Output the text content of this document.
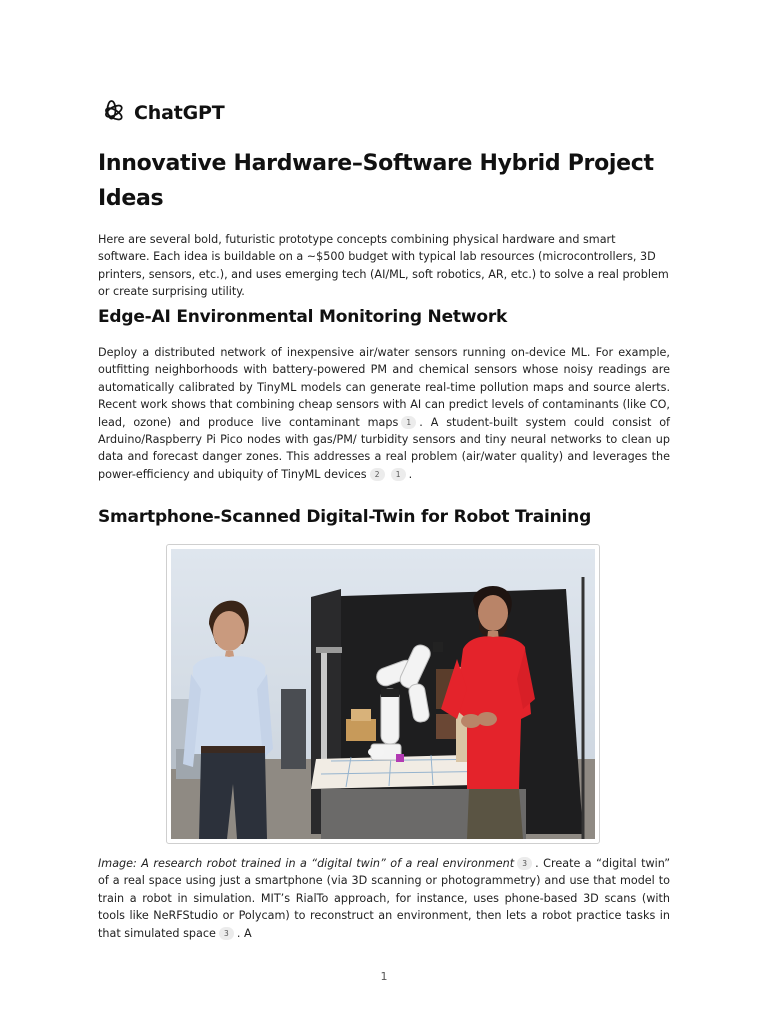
ChatGPT
Innovative Hardware–Software Hybrid Project Ideas

Here are several bold, futuristic prototype concepts combining physical hardware and smart software. Each idea is buildable on a ~$500 budget with typical lab resources (microcontrollers, 3D printers, sensors, etc.), and uses emerging tech (AI/ML, soft robotics, AR, etc.) to solve a real problem or create surprising utility.

Edge-AI Environmental Monitoring Network

Deploy a distributed network of inexpensive air/water sensors running on-device ML. For example, outfitting neighborhoods with battery-powered PM and chemical sensors whose noisy readings are automatically calibrated by TinyML models can generate real-time pollution maps and source alerts. Recent work shows that combining cheap sensors with AI can predict levels of contaminants (like CO, lead, ozone) and produce live contaminant maps 1 . A student-built system could consist of Arduino/Raspberry Pi Pico nodes with gas/PM/ turbidity sensors and tiny neural networks to clean up data and forecast danger zones. This addresses a real problem (air/water quality) and leverages the power-efficiency and ubiquity of TinyML devices 2 1 .

Smartphone-Scanned Digital-Twin for Robot Training

Image: A research robot trained in a “digital twin” of a real environment 3 . Create a “digital twin” of a real space using just a smartphone (via 3D scanning or photogrammetry) and use that model to train a robot in simulation. MIT’s RialTo approach, for instance, uses phone-based 3D scans (with tools like NeRFStudio or Polycam) to reconstruct an environment, then lets a robot practice tasks in that simulated space 3 . A

1
